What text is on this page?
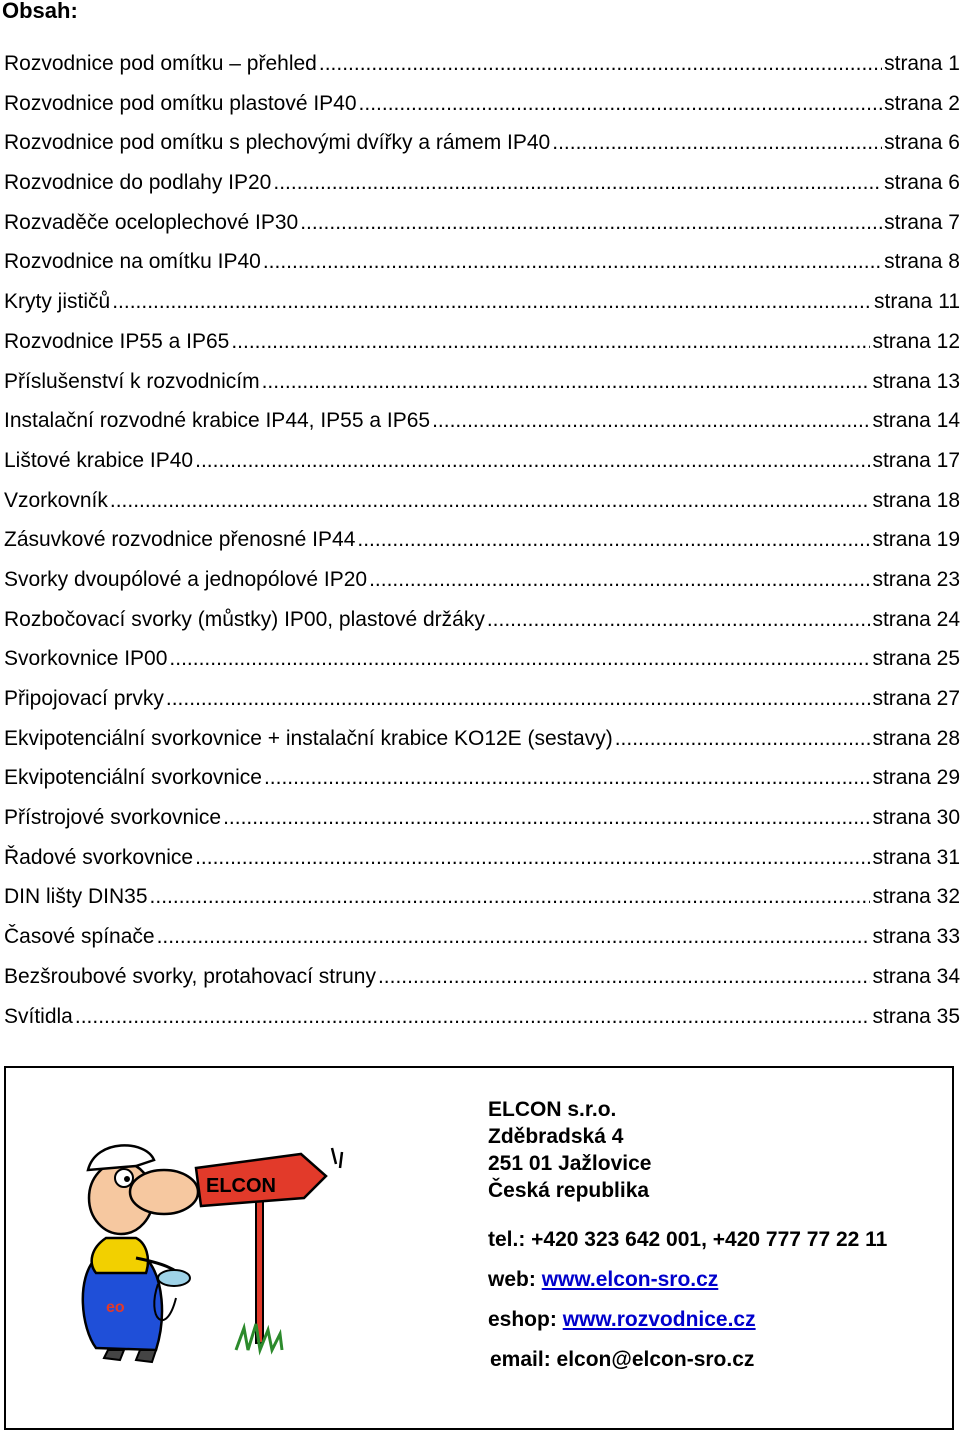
Obsah:
Rozvodnice pod omítku – přehled .....	strana 1
Rozvodnice pod omítku plastové IP40 .....	strana 2
Rozvodnice pod omítku s plechovými dvířky a rámem IP40 .....	strana 6
Rozvodnice do podlahy IP20 .....	strana 6
Rozvaděče oceloplechové IP30 .....	strana 7
Rozvodnice na omítku IP40 .....	strana 8
Kryty jističů .....	strana 11
Rozvodnice IP55 a IP65 .....	strana 12
Příslušenství k rozvodnicím .....	strana 13
Instalační rozvodné krabice IP44, IP55 a IP65 .....	strana 14
Lištové krabice IP40 .....	strana 17
Vzorkovník .....	strana 18
Zásuvkové rozvodnice přenosné IP44 .....	strana 19
Svorky dvoupólové a jednopólové IP20 .....	strana 23
Rozbočovací svorky (můstky) IP00, plastové držáky .....	strana 24
Svorkovnice IP00 .....	strana 25
Připojovací prvky .....	strana 27
Ekvipotenciální svorkovnice + instalační krabice KO12E (sestavy) .....	strana 28
Ekvipotenciální svorkovnice .....	strana 29
Přístrojové svorkovnice .....	strana 30
Řadové svorkovnice .....	strana 31
DIN lišty DIN35 .....	strana 32
Časové spínače .....	strana 33
Bezšroubové svorky, protahovací struny .....	strana 34
Svítidla .....	strana 35
ELCON
eo
ELCON s.r.o.
Zděbradská 4
251 01 Jažlovice
Česká republika
tel.: +420 323 642 001, +420 777 77 22 11
web: www.elcon-sro.cz
eshop: www.rozvodnice.cz
email: elcon@elcon-sro.cz
